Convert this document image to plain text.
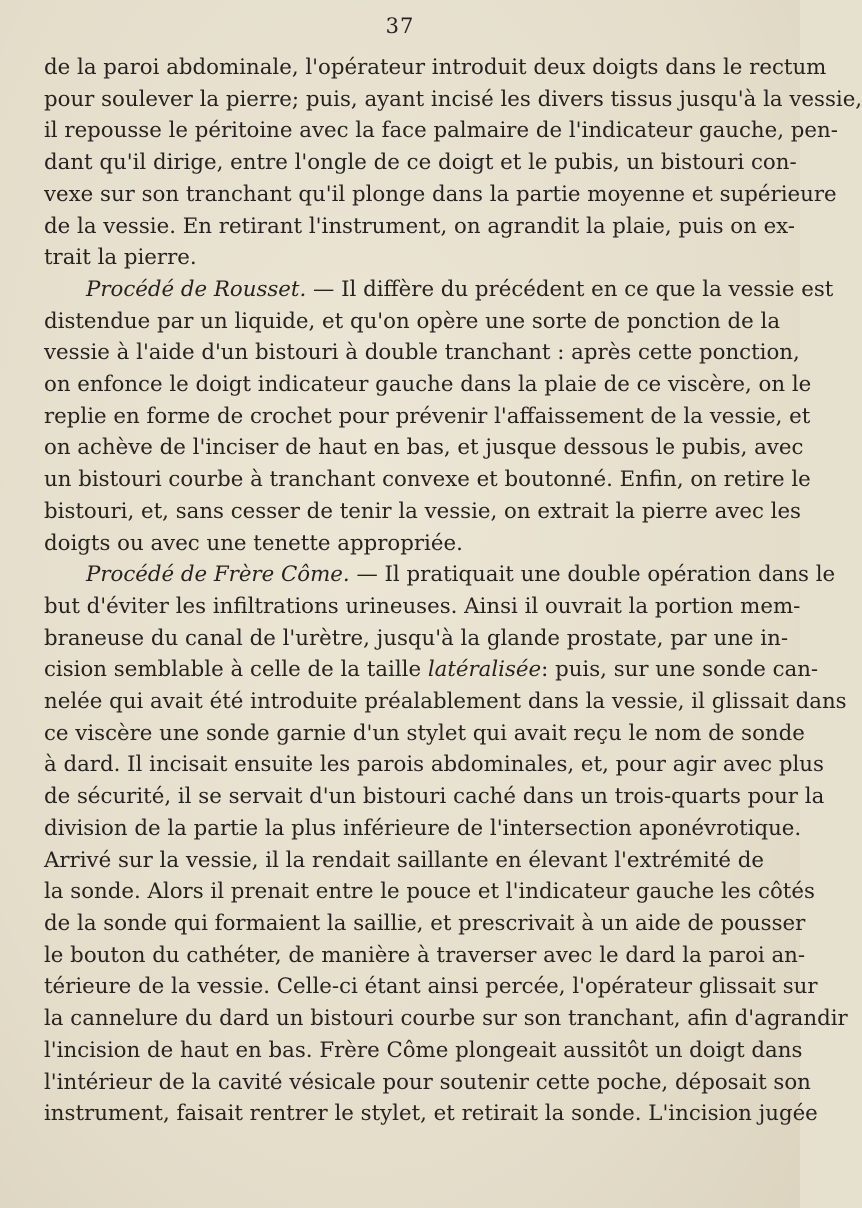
37
de la paroi abdominale, l'opérateur introduit deux doigts dans le rectum
pour soulever la pierre; puis, ayant incisé les divers tissus jusqu'à la vessie,
il repousse le péritoine avec la face palmaire de l'indicateur gauche, pen-
dant qu'il dirige, entre l'ongle de ce doigt et le pubis, un bistouri con-
vexe sur son tranchant qu'il plonge dans la partie moyenne et supérieure
de la vessie. En retirant l'instrument, on agrandit la plaie, puis on ex-
trait la pierre.
Procédé de Rousset. — Il diffère du précédent en ce que la vessie est
distendue par un liquide, et qu'on opère une sorte de ponction de la
vessie à l'aide d'un bistouri à double tranchant : après cette ponction,
on enfonce le doigt indicateur gauche dans la plaie de ce viscère, on le
replie en forme de crochet pour prévenir l'affaissement de la vessie, et
on achève de l'inciser de haut en bas, et jusque dessous le pubis, avec
un bistouri courbe à tranchant convexe et boutonné. Enfin, on retire le
bistouri, et, sans cesser de tenir la vessie, on extrait la pierre avec les
doigts ou avec une tenette appropriée.
Procédé de Frère Côme. — Il pratiquait une double opération dans le
but d'éviter les infiltrations urineuses. Ainsi il ouvrait la portion mem-
braneuse du canal de l'urètre, jusqu'à la glande prostate, par une in-
cision semblable à celle de la taille latéralisée: puis, sur une sonde can-
nelée qui avait été introduite préalablement dans la vessie, il glissait dans
ce viscère une sonde garnie d'un stylet qui avait reçu le nom de sonde
à dard. Il incisait ensuite les parois abdominales, et, pour agir avec plus
de sécurité, il se servait d'un bistouri caché dans un trois-quarts pour la
division de la partie la plus inférieure de l'intersection aponévrotique.
Arrivé sur la vessie, il la rendait saillante en élevant l'extrémité de
la sonde. Alors il prenait entre le pouce et l'indicateur gauche les côtés
de la sonde qui formaient la saillie, et prescrivait à un aide de pousser
le bouton du cathéter, de manière à traverser avec le dard la paroi an-
térieure de la vessie. Celle-ci étant ainsi percée, l'opérateur glissait sur
la cannelure du dard un bistouri courbe sur son tranchant, afin d'agrandir
l'incision de haut en bas. Frère Côme plongeait aussitôt un doigt dans
l'intérieur de la cavité vésicale pour soutenir cette poche, déposait son
instrument, faisait rentrer le stylet, et retirait la sonde. L'incision jugée
